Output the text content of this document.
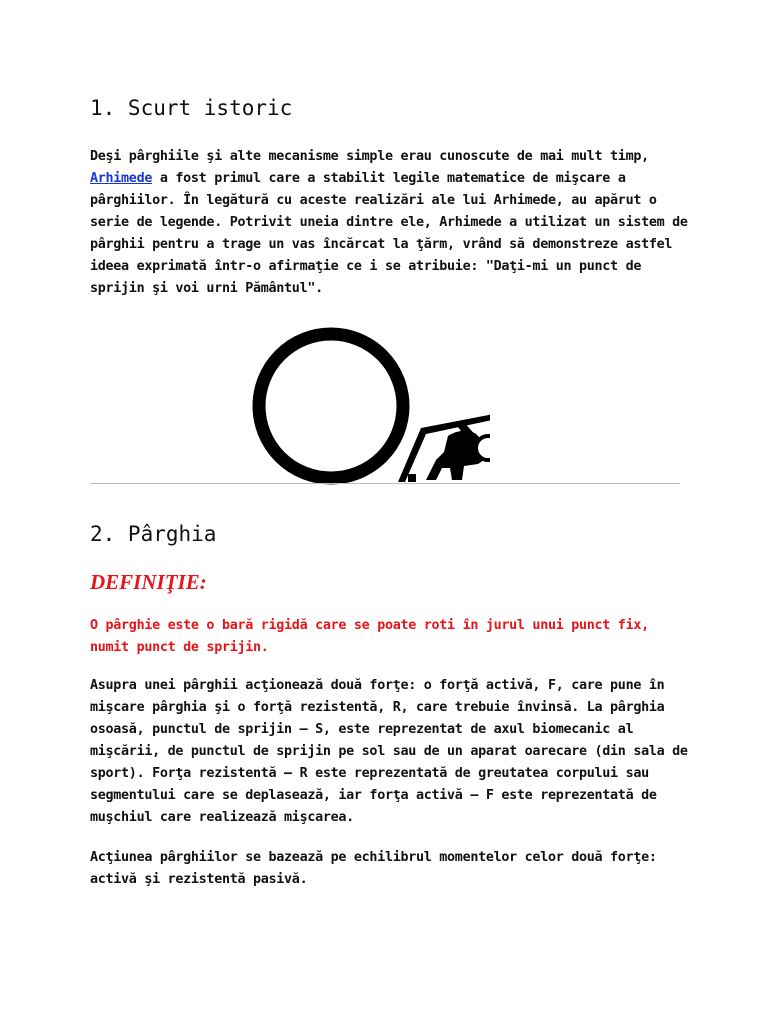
1. Scurt istoric

Deşi pârghiile şi alte mecanisme simple erau cunoscute de mai mult timp,
Arhimede a fost primul care a stabilit legile matematice de mişcare a pârghiilor. În legătură cu aceste realizări ale lui Arhimede, au apărut o serie de legende. Potrivit uneia dintre ele, Arhimede a utilizat un sistem de pârghii pentru a trage un vas încărcat la ţărm, vrând să demonstreze astfel ideea exprimată într-o afirmaţie ce i se atribuie: "Daţi-mi un punct de sprijin şi voi urni Pământul".

2. Pârghia

DEFINIŢIE:

O pârghie este o bară rigidă care se poate roti în jurul unui punct fix, numit punct de sprijin.

Asupra unei pârghii acţionează două forţe: o forţă activă, F, care pune în mişcare pârghia şi o forţă rezistentă, R, care trebuie învinsă. La pârghia osoasă, punctul de sprijin – S, este reprezentat de axul biomecanic al mişcării, de punctul de sprijin pe sol sau de un aparat oarecare (din sala de sport). Forţa rezistentă – R este reprezentată de greutatea corpului sau segmentului care se deplasează, iar forţa activă – F este reprezentată de muşchiul care realizează mişcarea.

Acţiunea pârghiilor se bazează pe echilibrul momentelor celor două forţe: activă şi rezistentă pasivă.
